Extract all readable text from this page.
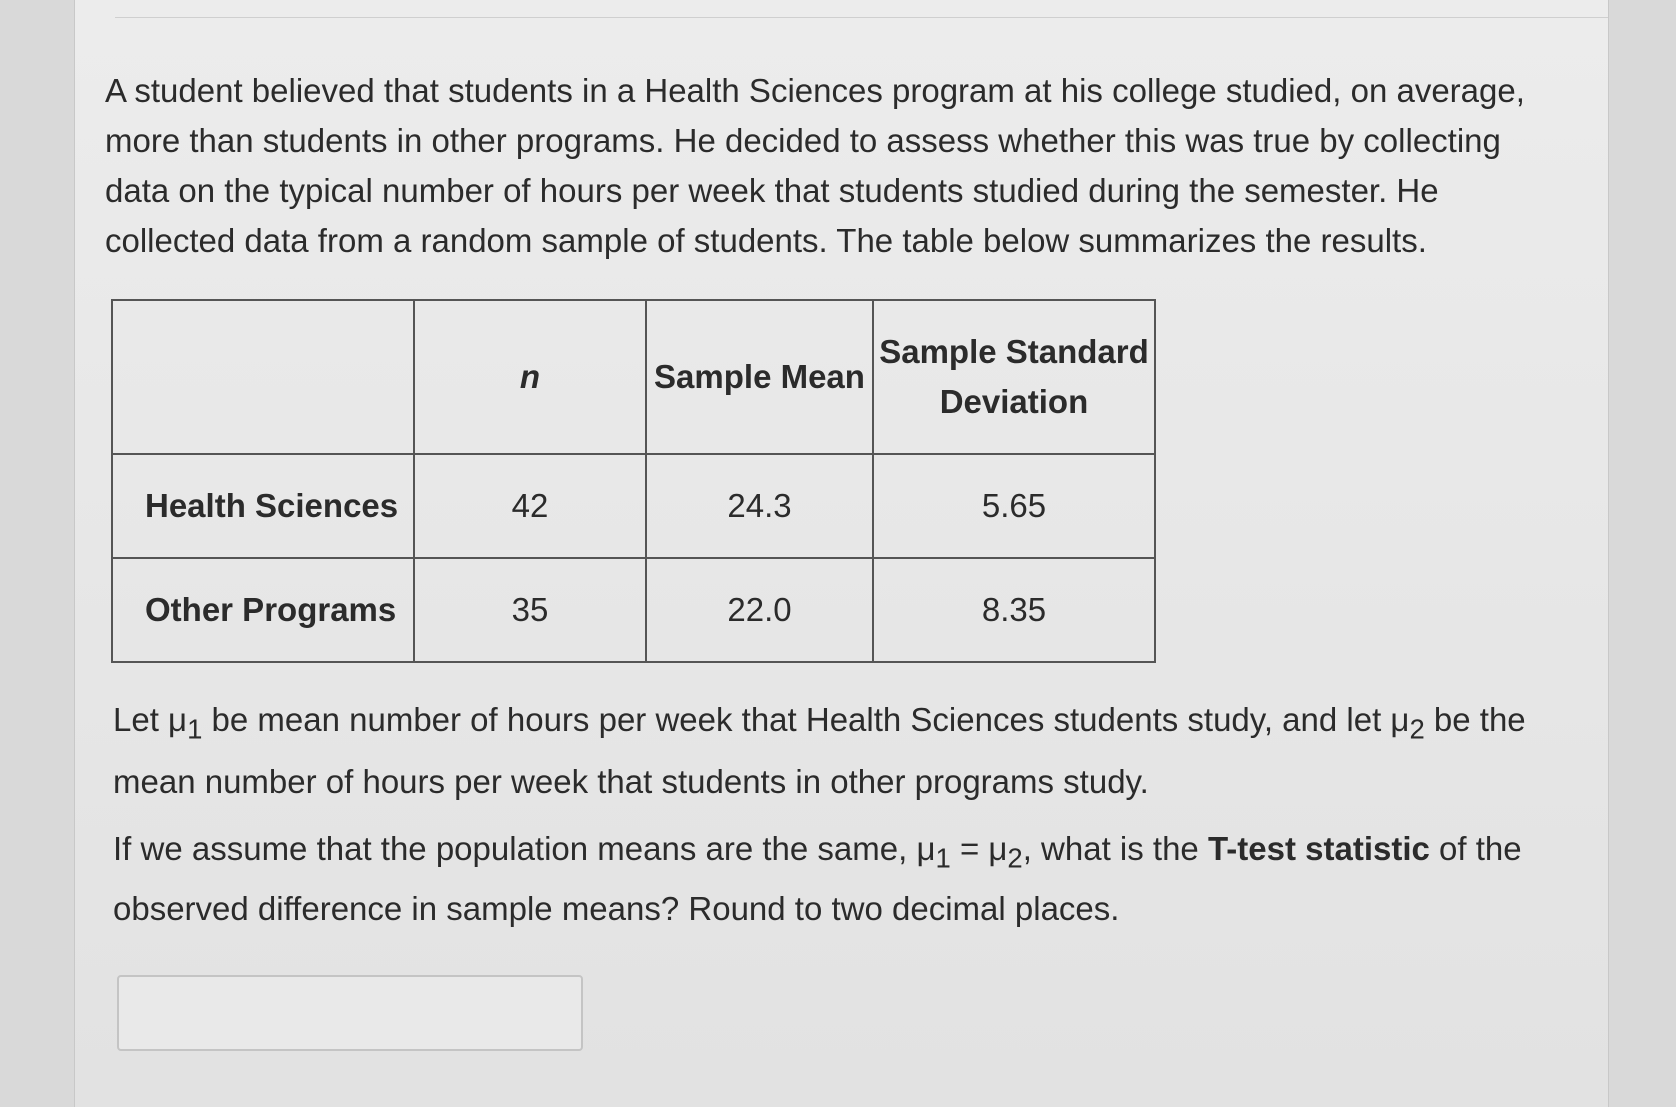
A student believed that students in a Health Sciences program at his college studied, on average, more than students in other programs. He decided to assess whether this was true by collecting data on the typical number of hours per week that students studied during the semester. He collected data from a random sample of students. The table below summarizes the results.

	n	Sample Mean	Sample Standard Deviation
Health Sciences	42	24.3	5.65
Other Programs	35	22.0	8.35

Let $\mu_1$ be mean number of hours per week that Health Sciences students study, and let $\mu_2$ be the mean number of hours per week that students in other programs study.

If we assume that the population means are the same, $\mu_1 = \mu_2$, what is the T-test statistic of the observed difference in sample means? Round to two decimal places.
